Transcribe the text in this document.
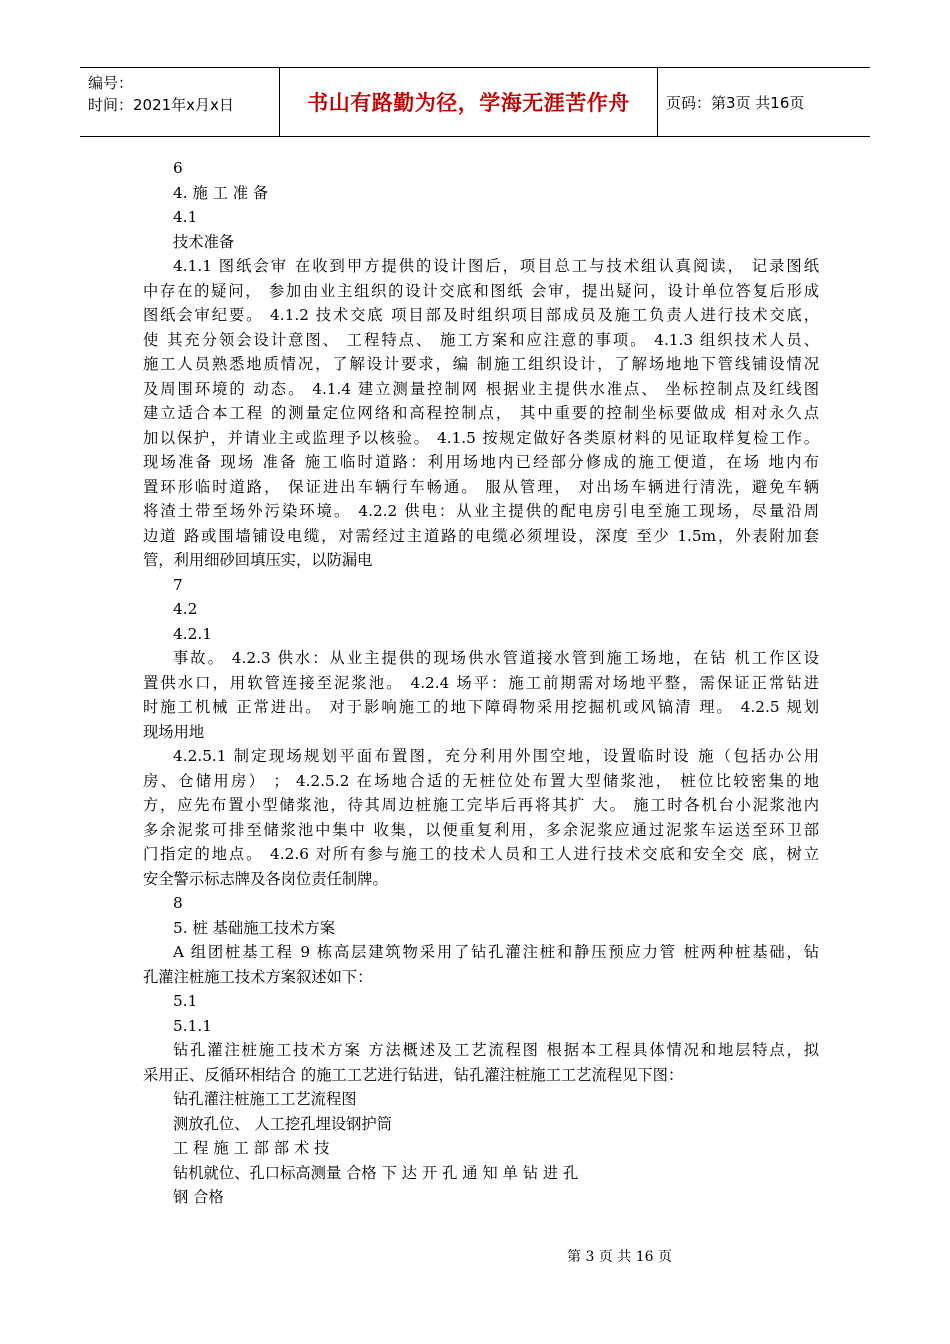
编号：
时间：2021年x月x日	书山有路勤为径，学海无涯苦作舟 页码：第3页 共16页
6
4. 施 工 准 备
4.1
技术准备
4.1.1 图纸会审 在收到甲方提供的设计图后，项目总工与技术组认真阅读， 记录图纸
中存在的疑问， 参加由业主组织的设计交底和图纸 会审，提出疑问，设计单位答复后形成
图纸会审纪要。 4.1.2 技术交底 项目部及时组织项目部成员及施工负责人进行技术交底，
使 其充分领会设计意图、 工程特点、 施工方案和应注意的事项。 4.1.3 组织技术人员、
施工人员熟悉地质情况，了解设计要求，编 制施工组织设计，了解场地地下管线铺设情况
及周围环境的 动态。 4.1.4 建立测量控制网 根据业主提供水准点、 坐标控制点及红线图
建立适合本工程 的测量定位网络和高程控制点， 其中重要的控制坐标要做成 相对永久点
加以保护，并请业主或监理予以核验。 4.1.5 按规定做好各类原材料的见证取样复检工作。
现场准备 现场 准备 施工临时道路：利用场地内已经部分修成的施工便道，在场 地内布
置环形临时道路， 保证进出车辆行车畅通。 服从管理， 对出场车辆进行清洗，避免车辆
将渣土带至场外污染环境。 4.2.2 供电：从业主提供的配电房引电至施工现场，尽量沿周
边道 路或围墙铺设电缆，对需经过主道路的电缆必须埋设，深度 至少 1.5m，外表附加套
管，利用细砂回填压实，以防漏电
7
4.2
4.2.1
事故。 4.2.3 供水：从业主提供的现场供水管道接水管到施工场地，在钻 机工作区设
置供水口，用软管连接至泥浆池。 4.2.4 场平：施工前期需对场地平整，需保证正常钻进
时施工机械 正常进出。 对于影响施工的地下障碍物采用挖掘机或风镐清 理。 4.2.5 规划
现场用地
4.2.5.1 制定现场规划平面布置图，充分利用外围空地，设置临时设 施（包括办公用
房、仓储用房） ； 4.2.5.2 在场地合适的无桩位处布置大型储浆池， 桩位比较密集的地
方，应先布置小型储浆池，待其周边桩施工完毕后再将其扩 大。 施工时各机台小泥浆池内
多余泥浆可排至储浆池中集中 收集，以便重复利用，多余泥浆应通过泥浆车运送至环卫部
门指定的地点。 4.2.6 对所有参与施工的技术人员和工人进行技术交底和安全交 底，树立
安全警示标志牌及各岗位责任制牌。
8
5. 桩 基础施工技术方案
A 组团桩基工程 9 栋高层建筑物采用了钻孔灌注桩和静压预应力管 桩两种桩基础，钻
孔灌注桩施工技术方案叙述如下：
5.1
5.1.1
钻孔灌注桩施工技术方案 方法概述及工艺流程图 根据本工程具体情况和地层特点，拟
采用正、反循环相结合 的施工工艺进行钻进，钻孔灌注桩施工工艺流程见下图：
钻孔灌注桩施工工艺流程图
测放孔位、 人工挖孔埋设钢护筒
工 程 施 工 部 部 术 技
钻机就位、孔口标高测量 合格 下 达 开 孔 通 知 单 钻 进 孔
钢 合格
第 3 页 共 16 页
